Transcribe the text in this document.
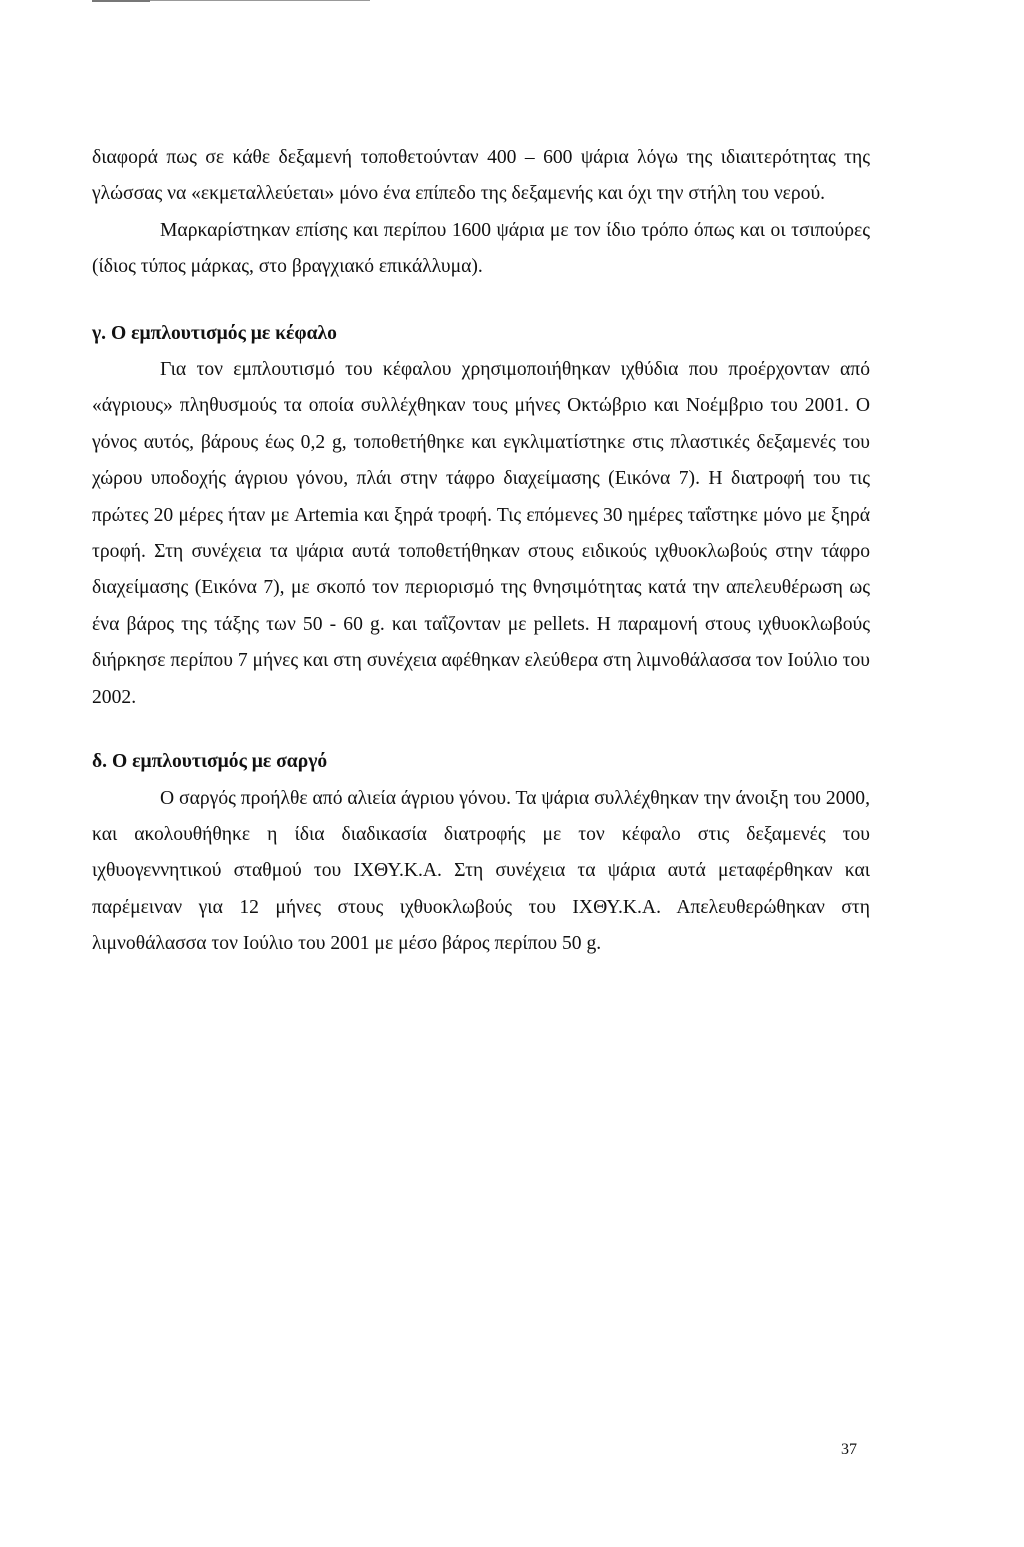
διαφορά πως σε κάθε δεξαμενή τοποθετούνταν 400 – 600 ψάρια λόγω της ιδιαιτερότητας της γλώσσας να «εκμεταλλεύεται» μόνο ένα επίπεδο της δεξαμενής και όχι την στήλη του νερού.

Μαρκαρίστηκαν επίσης και περίπου 1600 ψάρια με τον ίδιο τρόπο όπως και οι τσιπούρες (ίδιος τύπος μάρκας, στο βραγχιακό επικάλλυμα).

γ. Ο εμπλουτισμός με κέφαλο

Για τον εμπλουτισμό του κέφαλου χρησιμοποιήθηκαν ιχθύδια που προέρχονταν από «άγριους» πληθυσμούς τα οποία συλλέχθηκαν τους μήνες Οκτώβριο και Νοέμβριο του 2001. Ο γόνος αυτός, βάρους έως 0,2 g, τοποθετήθηκε και εγκλιματίστηκε στις πλαστικές δεξαμενές του χώρου υποδοχής άγριου γόνου, πλάι στην τάφρο διαχείμασης (Εικόνα 7). Η διατροφή του τις πρώτες 20 μέρες ήταν με Artemia και ξηρά τροφή. Τις επόμενες 30 ημέρες ταΐστηκε μόνο με ξηρά τροφή. Στη συνέχεια τα ψάρια αυτά τοποθετήθηκαν στους ειδικούς ιχθυοκλωβούς στην τάφρο διαχείμασης (Εικόνα 7), με σκοπό τον περιορισμό της θνησιμότητας κατά την απελευθέρωση ως ένα βάρος της τάξης των 50 - 60 g. και ταΐζονταν με pellets. Η παραμονή στους ιχθυοκλωβούς διήρκησε περίπου 7 μήνες και στη συνέχεια αφέθηκαν ελεύθερα στη λιμνοθάλασσα τον Ιούλιο του 2002.

δ. Ο εμπλουτισμός με σαργό

Ο σαργός προήλθε από αλιεία άγριου γόνου. Τα ψάρια συλλέχθηκαν την άνοιξη του 2000, και ακολουθήθηκε η ίδια διαδικασία διατροφής με τον κέφαλο στις δεξαμενές του ιχθυογεννητικού σταθμού του ΙΧΘΥ.Κ.Α. Στη συνέχεια τα ψάρια αυτά μεταφέρθηκαν και παρέμειναν για 12 μήνες στους ιχθυοκλωβούς του ΙΧΘΥ.Κ.Α. Απελευθερώθηκαν στη λιμνοθάλασσα τον Ιούλιο του 2001 με μέσο βάρος περίπου 50 g.

37
